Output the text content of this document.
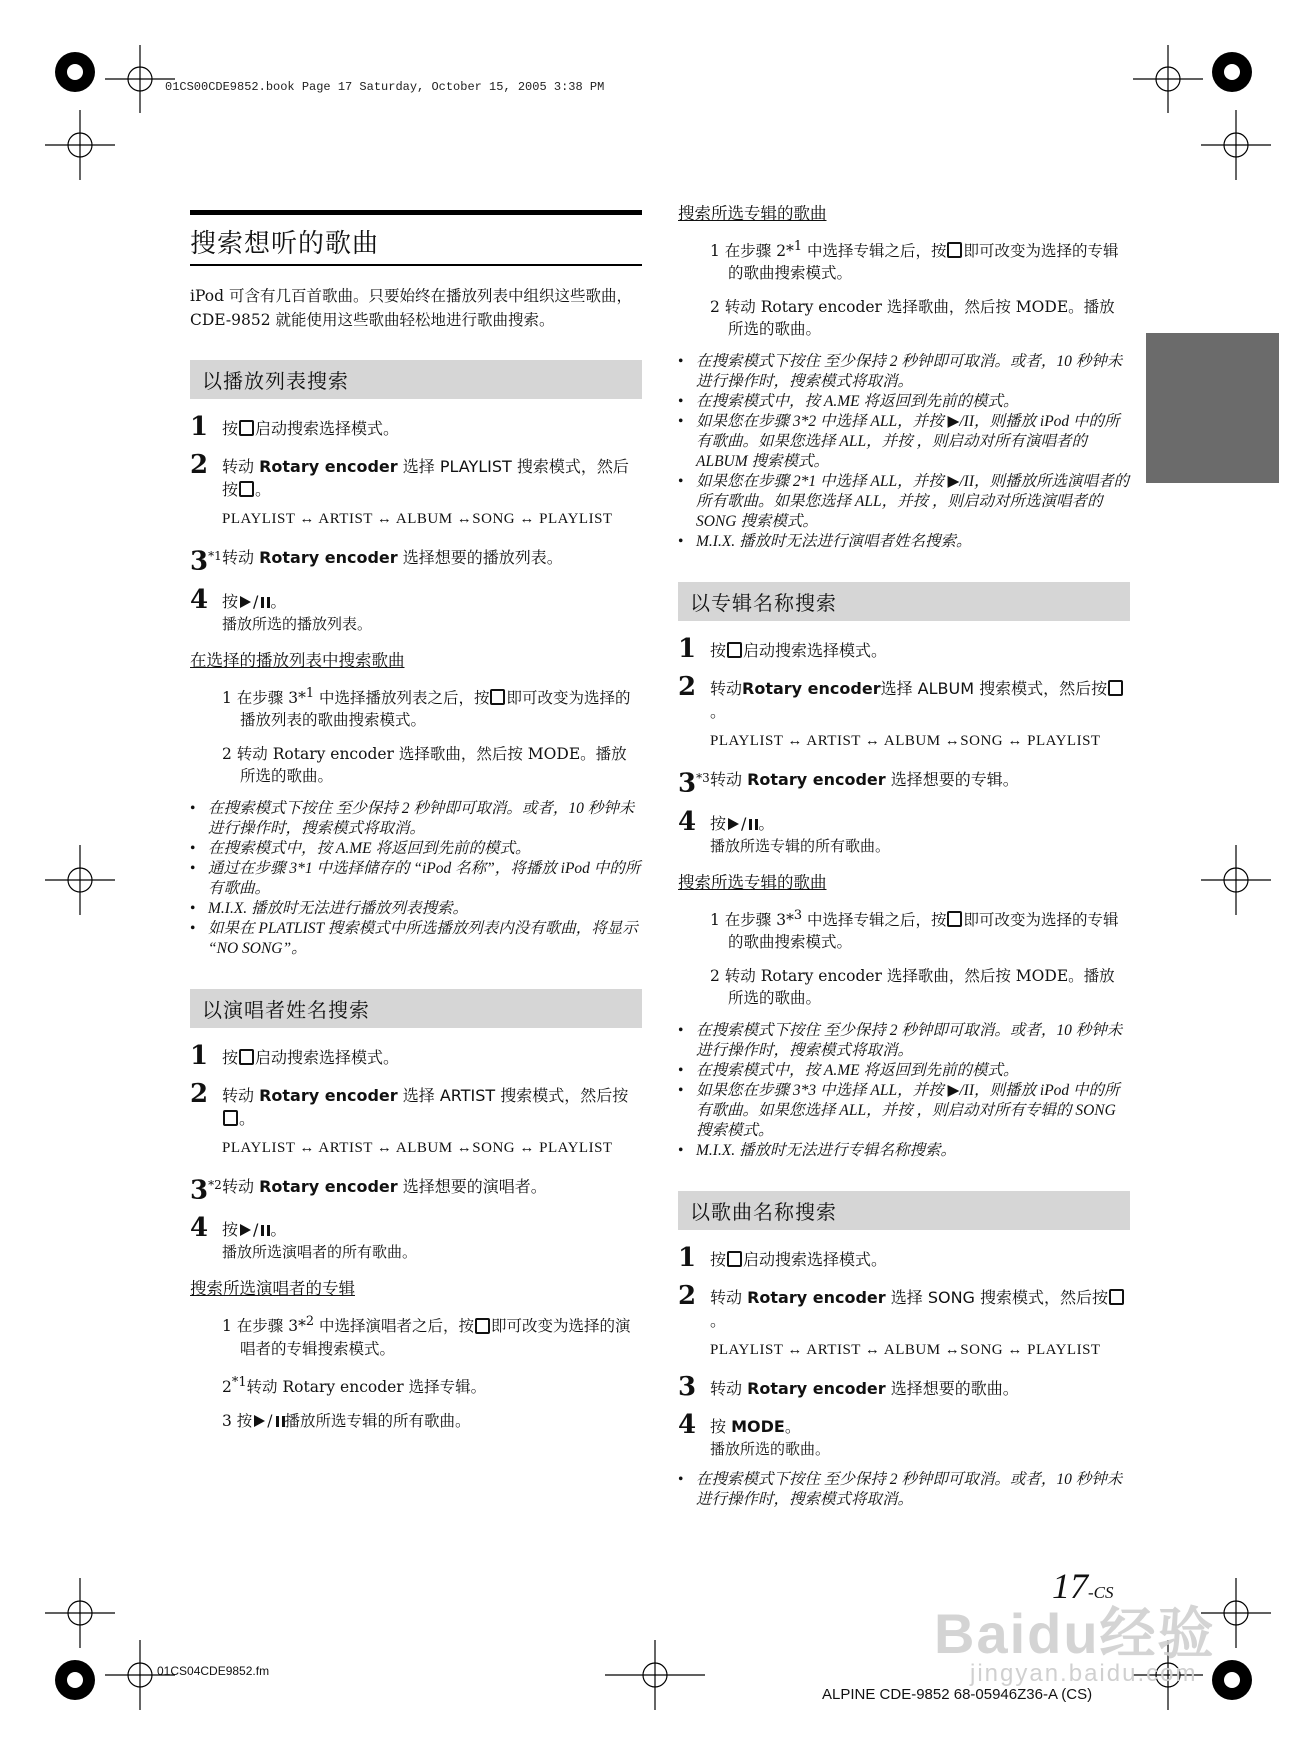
01CS00CDE9852.book Page 17 Saturday, October 15, 2005 3:38 PM
搜索想听的歌曲

iPod 可含有几百首歌曲。只要始终在播放列表中组织这些歌曲，CDE-9852 就能使用这些歌曲轻松地进行歌曲搜索。

以播放列表搜索
1 按 启动搜索选择模式。
2 转动 Rotary encoder 选择 PLAYLIST 搜索模式，然后按 。
PLAYLIST ↔ ARTIST ↔ ALBUM ↔SONG ↔ PLAYLIST
3$^{*1}$ 转动 Rotary encoder 选择想要的播放列表。
4 按 / 。
播放所选的播放列表。
在选择的播放列表中搜索歌曲
1 在步骤 3*$^1$ 中选择播放列表之后，按 即可改变为选择的播放列表的歌曲搜索模式。
2 转动 Rotary encoder 选择歌曲，然后按 MODE。播放所选的歌曲。
• 在搜索模式下按住 至少保持 2 秒钟即可取消。或者，10 秒钟未进行操作时，搜索模式将取消。
• 在搜索模式中，按 A.ME 将返回到先前的模式。
• 通过在步骤 3*1 中选择储存的 “iPod 名称”，将播放 iPod 中的所有歌曲。
• M.I.X. 播放时无法进行播放列表搜索。
• 如果在 PLATLIST 搜索模式中所选播放列表内没有歌曲，将显示 “NO SONG”。
以演唱者姓名搜索
1 按 启动搜索选择模式。
2 转动 Rotary encoder 选择 ARTIST 搜索模式，然后按。
PLAYLIST ↔ ARTIST ↔ ALBUM ↔SONG ↔ PLAYLIST
3$^{*2}$ 转动 Rotary encoder 选择想要的演唱者。
4 按 / 。
播放所选演唱者的所有歌曲。
搜索所选演唱者的专辑
1 在步骤 3*$^2$ 中选择演唱者之后，按 即可改变为选择的演唱者的专辑搜索模式。
2$^{*1}$转动 Rotary encoder 选择专辑。
3 按 / 播放所选专辑的所有歌曲。
搜索所选专辑的歌曲
1 在步骤 2*$^1$ 中选择专辑之后，按 即可改变为选择的专辑的歌曲搜索模式。
2 转动 Rotary encoder 选择歌曲，然后按 MODE。播放所选的歌曲。
• 在搜索模式下按住 至少保持 2 秒钟即可取消。或者，10 秒钟未进行操作时，搜索模式将取消。
• 在搜索模式中，按 A.ME 将返回到先前的模式。
• 如果您在步骤 3*2 中选择 ALL，并按 ▶/II，则播放 iPod 中的所有歌曲。如果您选择 ALL，并按 ，则启动对所有演唱者的 ALBUM 搜索模式。
• 如果您在步骤 2*1 中选择 ALL，并按 ▶/II，则播放所选演唱者的所有歌曲。如果您选择 ALL，并按 ，则启动对所选演唱者的 SONG 搜索模式。
• M.I.X. 播放时无法进行演唱者姓名搜索。
以专辑名称搜索
1 按 启动搜索选择模式。
2 转动Rotary encoder选择 ALBUM 搜索模式，然后按。
PLAYLIST ↔ ARTIST ↔ ALBUM ↔SONG ↔ PLAYLIST
3$^{*3}$ 转动 Rotary encoder 选择想要的专辑。
4 按 / 。
播放所选专辑的所有歌曲。
搜索所选专辑的歌曲
1 在步骤 3*$^3$ 中选择专辑之后，按 即可改变为选择的专辑的歌曲搜索模式。
2 转动 Rotary encoder 选择歌曲，然后按 MODE。播放所选的歌曲。
• 在搜索模式下按住 至少保持 2 秒钟即可取消。或者，10 秒钟未进行操作时，搜索模式将取消。
• 在搜索模式中，按 A.ME 将返回到先前的模式。
• 如果您在步骤 3*3 中选择 ALL，并按 ▶/II，则播放 iPod 中的所有歌曲。如果您选择 ALL，并按 ，则启动对所有专辑的 SONG 搜索模式。
• M.I.X. 播放时无法进行专辑名称搜索。
以歌曲名称搜索
1 按 启动搜索选择模式。
2 转动 Rotary encoder 选择 SONG 搜索模式，然后按。
PLAYLIST ↔ ARTIST ↔ ALBUM ↔SONG ↔ PLAYLIST
3 转动 Rotary encoder 选择想要的歌曲。
4 按 MODE。
播放所选的歌曲。
• 在搜索模式下按住 至少保持 2 秒钟即可取消。或者，10 秒钟未进行操作时，搜索模式将取消。
17-CS
Baidu经验
jingyan.baidu.com
01CS04CDE9852.fm
ALPINE CDE-9852 68-05946Z36-A (CS)
